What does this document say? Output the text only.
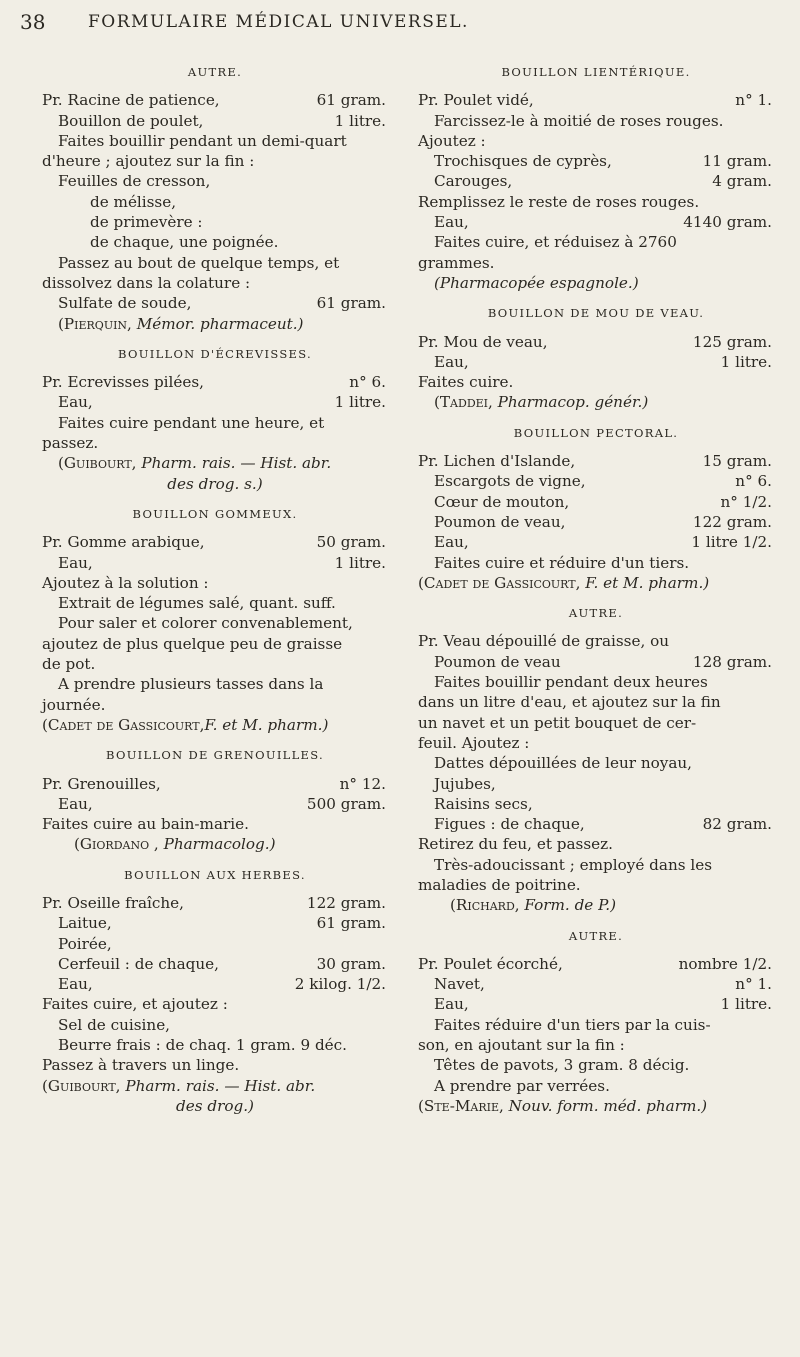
38	FORMULAIRE MÉDICAL UNIVERSEL.
AUTRE.
Pr. Racine de patience,	61 gram.
Bouillon de poulet,	1 litre.
Faites bouillir pendant un demi-quart
d'heure ; ajoutez sur la fin :
Feuilles de cresson,
de mélisse,
de primevère :
de chaque, une poignée.
Passez au bout de quelque temps, et
dissolvez dans la colature :
Sulfate de soude,	61 gram.
(Pierquin, Mémor. pharmaceut.)
BOUILLON D'ÉCREVISSES.
Pr. Ecrevisses pilées,	n° 6.
Eau,	1 litre.
Faites cuire pendant une heure, et
passez.
(Guibourt, Pharm. rais. — Hist. abr.
des drog. s.)
BOUILLON GOMMEUX.
Pr. Gomme arabique,	50 gram.
Eau,	1 litre.
Ajoutez à la solution :
Extrait de légumes salé, quant. suff.
Pour saler et colorer convenablement,
ajoutez de plus quelque peu de graisse
de pot.
A prendre plusieurs tasses dans la
journée.
(Cadet de Gassicourt,F. et M. pharm.)
BOUILLON DE GRENOUILLES.
Pr. Grenouilles,	n° 12.
Eau,	500 gram.
Faites cuire au bain-marie.
(Giordano , Pharmacolog.)
BOUILLON AUX HERBES.
Pr. Oseille fraîche,	122 gram.
Laitue,	61 gram.
Poirée,
Cerfeuil : de chaque,	30 gram.
Eau,	2 kilog. 1/2.
Faites cuire, et ajoutez :
Sel de cuisine,
Beurre frais : de chaq. 1 gram. 9 déc.
Passez à travers un linge.
(Guibourt, Pharm. rais. — Hist. abr.
des drog.)
BOUILLON LIENTÉRIQUE.
Pr. Poulet vidé,	n° 1.
Farcissez-le à moitié de roses rouges.
Ajoutez :
Trochisques de cyprès,	11 gram.
Carouges,	4 gram.
Remplissez le reste de roses rouges.
Eau,	4140 gram.
Faites cuire, et réduisez à 2760
grammes.
(Pharmacopée espagnole.)
BOUILLON DE MOU DE VEAU.
Pr. Mou de veau,	125 gram.
Eau,	1 litre.
Faites cuire.
(Taddei, Pharmacop. génér.)
BOUILLON PECTORAL.
Pr. Lichen d'Islande,	15 gram.
Escargots de vigne,	n° 6.
Cœur de mouton,	n° 1/2.
Poumon de veau,	122 gram.
Eau,	1 litre 1/2.
Faites cuire et réduire d'un tiers.
(Cadet de Gassicourt, F. et M. pharm.)
AUTRE.
Pr. Veau dépouillé de graisse, ou
Poumon de veau	128 gram.
Faites bouillir pendant deux heures
dans un litre d'eau, et ajoutez sur la fin
un navet et un petit bouquet de cer-
feuil. Ajoutez :
Dattes dépouillées de leur noyau,
Jujubes,
Raisins secs,
Figues : de chaque,	82 gram.
Retirez du feu, et passez.
Très-adoucissant ; employé dans les
maladies de poitrine.
(Richard, Form. de P.)
AUTRE.
Pr. Poulet écorché,	nombre 1/2.
Navet,	n° 1.
Eau,	1 litre.
Faites réduire d'un tiers par la cuis-
son, en ajoutant sur la fin :
Têtes de pavots, 3 gram. 8 décig.
A prendre par verrées.
(Ste-Marie, Nouv. form. méd. pharm.)
